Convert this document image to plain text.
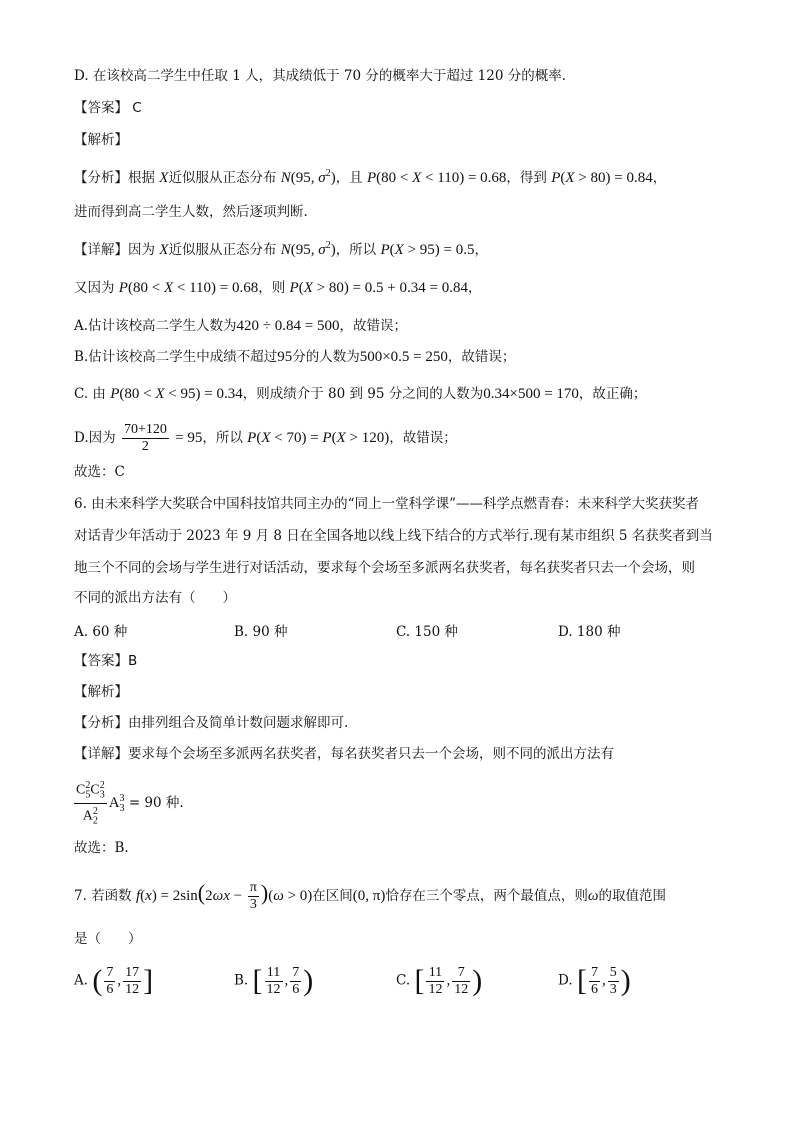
D. 在该校高二学生中任取 1 人，其成绩低于 70 分的概率大于超过 120 分的概率.
【答案】 C
【解析】
【分析】根据 X近似服从正态分布 N(95, $\sigma^2$)，且 P(80 < X < 110) = 0.68，得到 P(X > 80) = 0.84，
进而得到高二学生人数，然后逐项判断.
【详解】因为 X近似服从正态分布 N(95, $\sigma^2$)，所以 P(X > 95) = 0.5，
又因为 P(80 < X < 110) = 0.68，则 P(X > 80) = 0.5 + 0.34 = 0.84，
A.估计该校高二学生人数为420 ÷ 0.84 = 500，故错误；
B.估计该校高二学生中成绩不超过95分的人数为500×0.5 = 250，故错误；
C. 由 P(80 < X < 95) = 0.34，则成绩介于 80 到 95 分之间的人数为0.34×500 = 170，故正确；
D.因为 $\frac{70+120}{2} = 95$，所以 P(X < 70) = P(X > 120)，故错误；
故选：C
6. 由未来科学大奖联合中国科技馆共同主办的“同上一堂科学课”——科学点燃青春：未来科学大奖获奖者
对话青少年活动于 2023 年 9 月 8 日在全国各地以线上线下结合的方式举行.现有某市组织 5 名获奖者到当
地三个不同的会场与学生进行对话活动，要求每个会场至多派两名获奖者，每名获奖者只去一个会场，则
不同的派出方法有（　　）
A. 60 种	B. 90 种	C. 150 种	D. 180 种
【答案】B
【解析】
【分析】由排列组合及简单计数问题求解即可.
【详解】要求每个会场至多派两名获奖者，每名获奖者只去一个会场，则不同的派出方法有
$\frac{C_5^2C_3^2}{A_2^2} A_3^3 = 90$ 种.
故选：B.
7. 若函数 $f(x) = 2\sin(2\omega x - \frac{\pi}{3} )(\omega > 0)$在区间(0, π)恰存在三个零点，两个最值点，则ω的取值范围
是（　　）
A. ( $\frac{7}{6}$ , $\frac{17}{12}$ ]	B. [ $\frac{11}{12}$ , $\frac{7}{6}$ )	C. [ $\frac{11}{12}$ , $\frac{7}{12}$ )	D. [ $\frac{7}{6}$ , $\frac{5}{3}$ )
